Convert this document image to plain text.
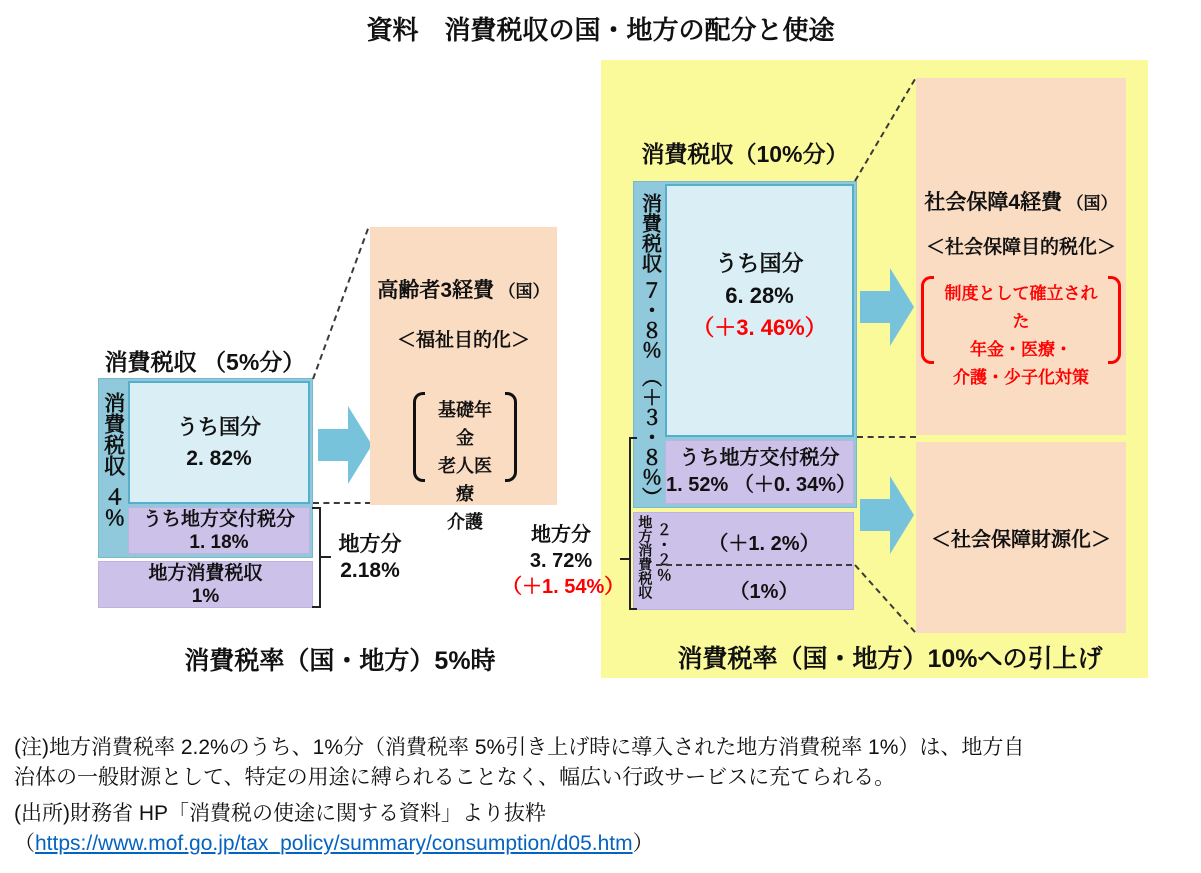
資料　消費税収の国・地方の配分と使途
消費税収 （5%分）
消費税収
４％
うち国分
2. 82%
うち地方交付税分
1. 18%
地方消費税収
1%
地方分
2.18%
消費税率（国・地方）5%時
高齢者3経費 （国）
＜福祉目的化＞
基礎年金
老人医療
介護
消費税収（10%分）
消費税収
７・８％
（＋３・８％）
うち国分
6. 28%
（＋3. 46%）
うち地方交付税分
1. 52% （＋0. 34%）
地方消費税収 ２・２％	（＋1. 2%）
（1%）
地方分
3. 72%
（＋1. 54%）
社会保障4経費 （国）
＜社会保障目的税化＞
制度として確立された
年金・医療・
介護・少子化対策
＜社会保障財源化＞
消費税率（国・地方）10%への引上げ
(注)地方消費税率 2.2%のうち、1%分（消費税率 5%引き上げ時に導入された地方消費税率 1%）は、地方自
治体の一般財源として、特定の用途に縛られることなく、幅広い行政サービスに充てられる。
(出所)財務省 HP「消費税の使途に関する資料」より抜粋
（https://www.mof.go.jp/tax_policy/summary/consumption/d05.htm）
